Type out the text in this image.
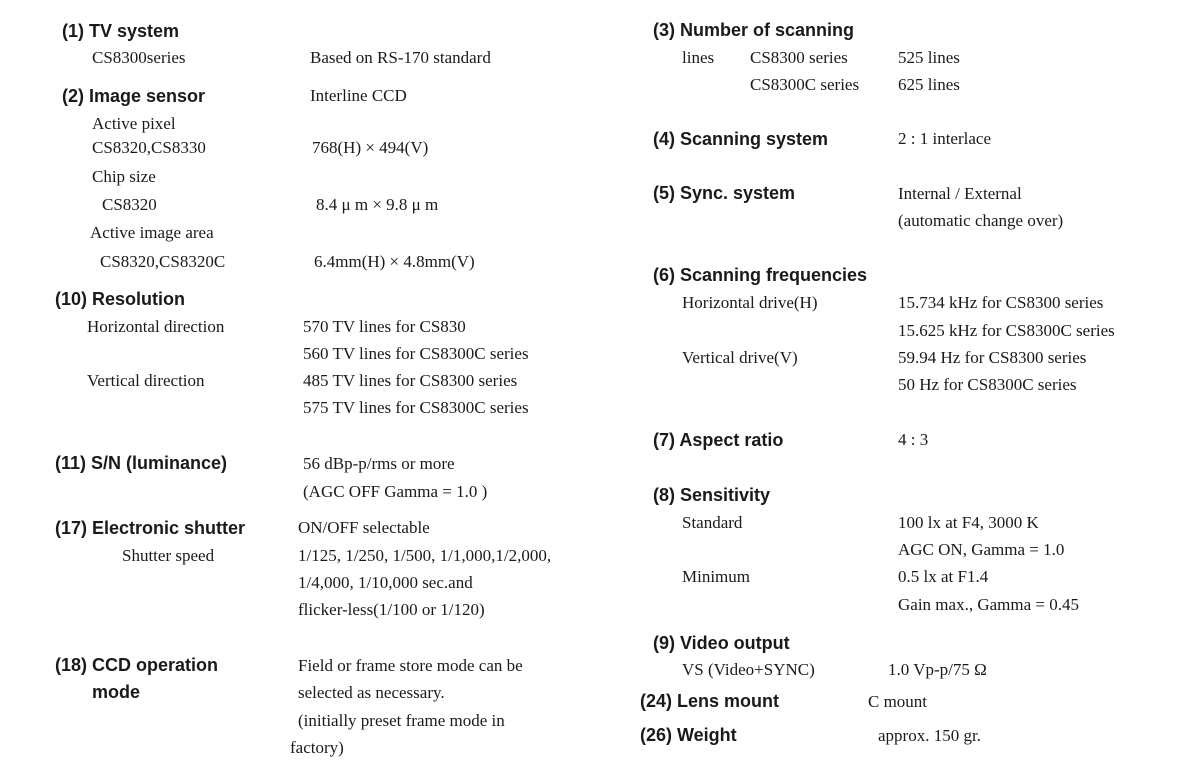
(1) TV system
CS8300series	Based on RS-170 standard
(2) Image sensor	Interline CCD
Active pixel
CS8320,CS8330	768(H) × 494(V)
Chip size
CS8320	8.4 μ m × 9.8 μ m
Active image area
CS8320,CS8320C	6.4mm(H) × 4.8mm(V)
(10) Resolution
Horizontal direction	570 TV lines for CS830
560 TV lines for CS8300C series
Vertical direction	485 TV lines for CS8300 series
575 TV lines for CS8300C series
(11) S/N (luminance)	56 dBp-p/rms or more
(AGC OFF Gamma = 1.0 )
(17) Electronic shutter	ON/OFF selectable
Shutter speed	1/125, 1/250, 1/500, 1/1,000,1/2,000,
1/4,000, 1/10,000 sec.and
flicker-less(1/100 or 1/120)
(18) CCD operation
mode
Field or frame store mode can be
selected as necessary.
(initially preset frame mode in
factory)
(3) Number of scanning
lines CS8300 series	525 lines
CS8300C series 625 lines
(4) Scanning system	2 : 1 interlace
(5) Sync. system	Internal / External
(automatic change over)
(6) Scanning frequencies
Horizontal drive(H)	15.734 kHz for CS8300 series
15.625 kHz for CS8300C series
Vertical drive(V)	59.94 Hz for CS8300 series
50 Hz for CS8300C series
(7) Aspect ratio	4 : 3
(8) Sensitivity
Standard	100 lx at F4, 3000 K
AGC ON, Gamma = 1.0
Minimum	0.5 lx at F1.4
Gain max., Gamma = 0.45
(9) Video output
VS (Video+SYNC)	1.0 Vp-p/75 Ω
(24) Lens mount	C mount
(26) Weight	approx. 150 gr.
